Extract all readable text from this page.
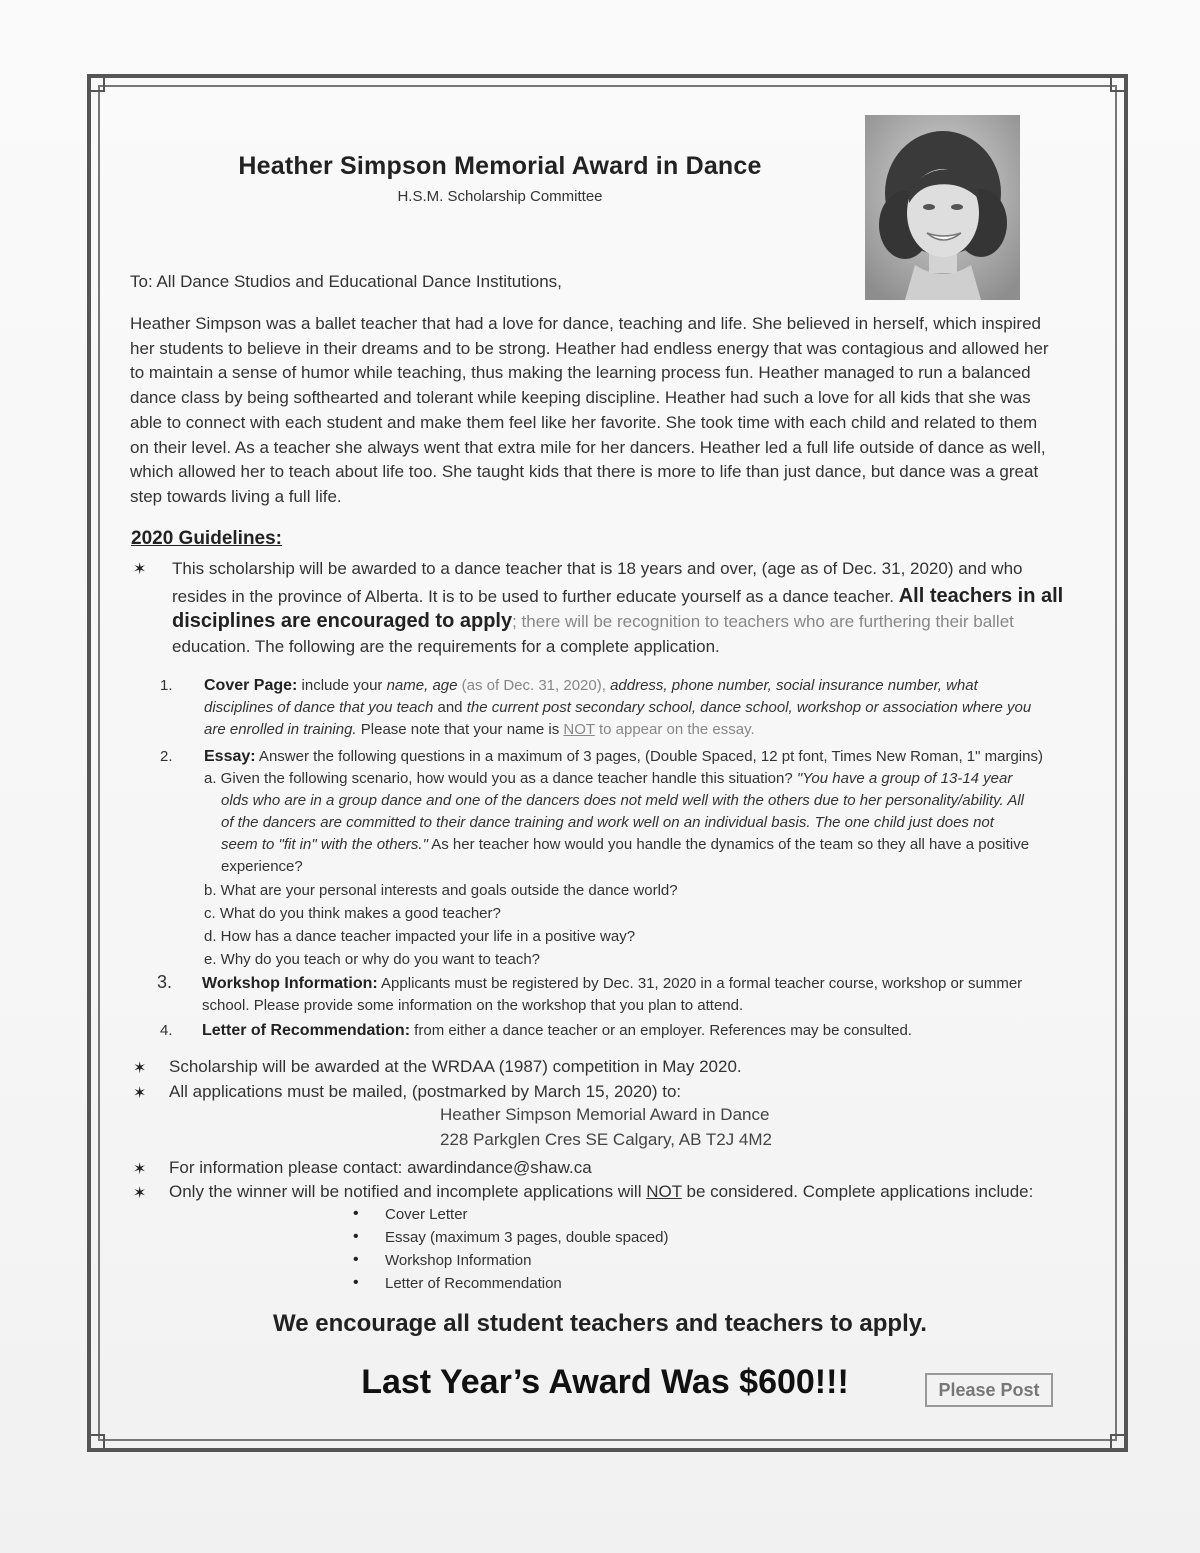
Heather Simpson Memorial Award in Dance
H.S.M. Scholarship Committee
To: All Dance Studios and Educational Dance Institutions,
Heather Simpson was a ballet teacher that had a love for dance, teaching and life. She believed in herself, which inspired
her students to believe in their dreams and to be strong. Heather had endless energy that was contagious and allowed her
to maintain a sense of humor while teaching, thus making the learning process fun. Heather managed to run a balanced
dance class by being softhearted and tolerant while keeping discipline. Heather had such a love for all kids that she was
able to connect with each student and make them feel like her favorite. She took time with each child and related to them
on their level. As a teacher she always went that extra mile for her dancers. Heather led a full life outside of dance as well,
which allowed her to teach about life too. She taught kids that there is more to life than just dance, but dance was a great
step towards living a full life.
2020 Guidelines:
✶ This scholarship will be awarded to a dance teacher that is 18 years and over, (age as of Dec. 31, 2020) and who
resides in the province of Alberta. It is to be used to further educate yourself as a dance teacher. All teachers in all
disciplines are encouraged to apply; there will be recognition to teachers who are furthering their ballet
education. The following are the requirements for a complete application.
1. Cover Page: include your name, age (as of Dec. 31, 2020), address, phone number, social insurance number, what
disciplines of dance that you teach and the current post secondary school, dance school, workshop or association where you
are enrolled in training. Please note that your name is NOT to appear on the essay.
2. Essay: Answer the following questions in a maximum of 3 pages, (Double Spaced, 12 pt font, Times New Roman, 1" margins)
a. Given the following scenario, how would you as a dance teacher handle this situation? "You have a group of 13-14 year
olds who are in a group dance and one of the dancers does not meld well with the others due to her personality/ability. All
of the dancers are committed to their dance training and work well on an individual basis. The one child just does not
seem to "fit in" with the others." As her teacher how would you handle the dynamics of the team so they all have a positive
experience?
b. What are your personal interests and goals outside the dance world?
c. What do you think makes a good teacher?
d. How has a dance teacher impacted your life in a positive way?
e. Why do you teach or why do you want to teach?
3. Workshop Information: Applicants must be registered by Dec. 31, 2020 in a formal teacher course, workshop or summer
school. Please provide some information on the workshop that you plan to attend.
4. Letter of Recommendation: from either a dance teacher or an employer. References may be consulted.
✶ Scholarship will be awarded at the WRDAA (1987) competition in May 2020.
✶ All applications must be mailed, (postmarked by March 15, 2020) to:
Heather Simpson Memorial Award in Dance
228 Parkglen Cres SE Calgary, AB T2J 4M2
✶ For information please contact: awardindance@shaw.ca
✶ Only the winner will be notified and incomplete applications will NOT be considered. Complete applications include:
• Cover Letter
• Essay (maximum 3 pages, double spaced)
• Workshop Information
• Letter of Recommendation
We encourage all student teachers and teachers to apply.
Last Year’s Award Was $600!!!	Please Post
